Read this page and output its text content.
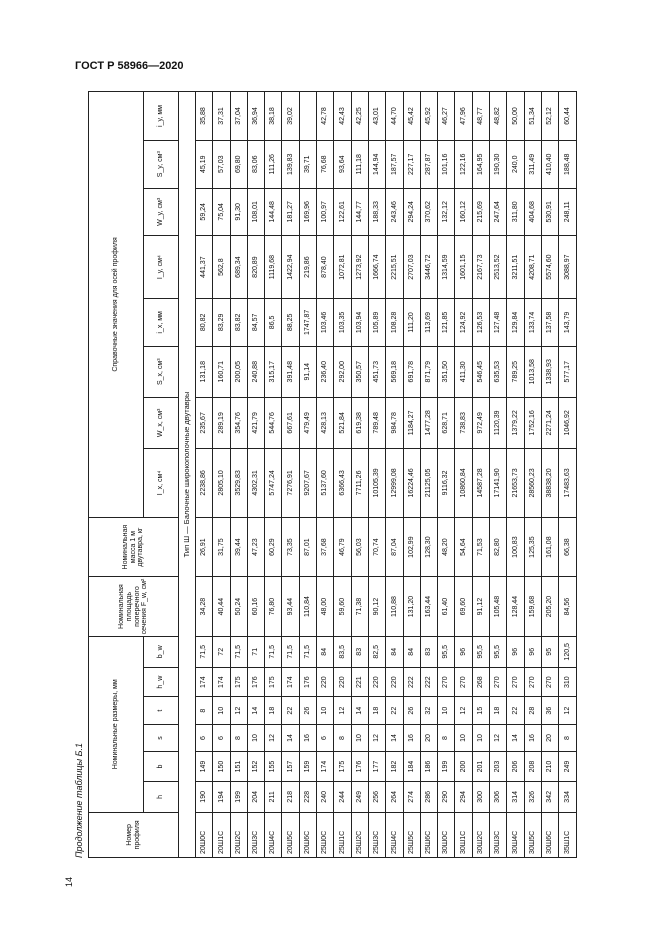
ГОСТ Р 58966—2020
14
Продолжение таблицы Б.1	Номер профиля	Номинальные размеры, мм						Номинальная площадь поперечного сечения F_w, см²	Номинальная масса 1 м двутавра, кг	Справочные значения для осей профиля							
	h	b	s	t	h_w	b_w			I_x, см⁴	W_x, см³	S_x, см³	i_x, мм	I_y, см⁴	W_y, см³	S_y, см³	i_y, мм
Тип Ш — Балочные широкополочные двутавры																
20Ш0С	190	149	6	8	174	71,5	34,28	26,91	2238,86	235,67	131,18	80,82	441,37	59,24	45,19	35,88
20Ш1С	194	150	6	10	174	72	40,44	31,75	2805,10	289,19	160,71	83,29	562,8	75,04	57,03	37,31
20Ш2С	199	151	8	12	175	71,5	50,24	39,44	3529,83	354,76	200,05	83,82	689,34	91,30	69,80	37,04
20Ш3С	204	152	10	14	176	71	60,16	47,23	4302,31	421,79	240,88	84,57	820,89	108,01	83,06	36,94
20Ш4С	211	155	12	18	175	71,5	76,80	60,29	5747,24	544,76	315,17	86,5	1119,68	144,48	111,26	38,18
20Ш5С	218	157	14	22	174	71,5	93,44	73,35	7276,91	667,61	391,48	88,25	1422,94	181,27	139,83	39,02
20Ш6С	228	159	16	26	176	71,5	110,84	87,01	9207,67	479,49	91,14	1747,87	219,86	169,96	39,71	
25Ш0С	240	174	6	10	220	84	48,00	37,68	5137,60	428,13	236,40	103,46	878,40	100,97	76,68	42,78
25Ш1С	244	175	8	12	220	83,5	59,60	46,79	6366,43	521,84	292,00	103,35	1072,81	122,61	93,64	42,43
25Ш2С	249	176	10	14	221	83	71,38	56,03	7711,26	619,38	350,57	103,94	1273,92	144,77	111,18	42,25
25Ш3С	256	177	12	18	220	82,5	90,12	70,74	10105,39	789,48	451,73	105,89	1666,74	188,33	144,94	43,01
25Ш4С	264	182	14	22	220	84	110,88	87,04	12999,08	984,78	569,18	108,28	2215,51	243,46	187,57	44,70
25Ш5С	274	184	16	26	222	84	131,20	102,99	16224,46	1184,27	691,78	111,20	2707,03	294,24	227,17	45,42
25Ш6С	286	186	20	32	222	83	163,44	128,30	21125,05	1477,28	871,79	113,69	3446,72	370,62	287,87	45,92
30Ш0С	290	199	8	10	270	95,5	61,40	48,20	9116,32	628,71	351,50	121,85	1314,59	132,12	101,16	46,27
30Ш1С	294	200	10	12	270	96	69,60	54,64	10860,84	738,83	411,30	124,92	1601,15	160,12	122,16	47,96
30Ш2С	300	201	10	15	268	95,5	91,12	71,53	14587,28	972,49	546,45	126,53	2167,73	215,69	164,95	48,77
30Ш3С	306	203	12	18	270	95,5	105,48	82,80	17141,90	1120,39	635,53	127,48	2513,52	247,64	190,30	48,82
30Ш4С	314	206	14	22	270	96	128,44	100,83	21653,73	1379,22	789,25	129,84	3211,51	311,80	240,0	50,00
30Ш5С	326	208	16	28	270	96	159,68	125,35	28560,23	1752,16	1013,58	133,74	4208,71	404,68	311,49	51,34
30Ш6С	342	210	20	36	270	95	205,20	161,08	38838,20	2271,24	1338,93	137,58	5574,60	530,91	410,40	52,12
35Ш1С	334	249	8	12	310	120,5	84,56	66,38	17483,63	1046,92	577,17	143,79	3088,97	248,11	188,48	60,44
